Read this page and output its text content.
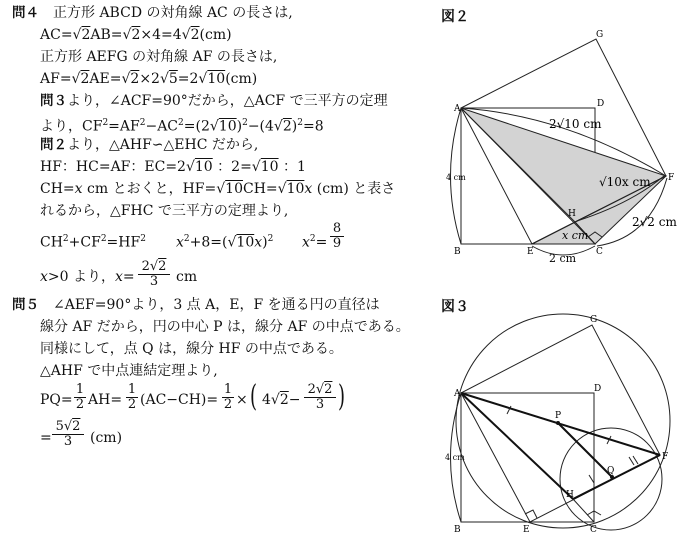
問４　正方形 ABCD の対角線 AC の長さは,
AC=√2AB=√2×4=4√2(cm)
正方形 AEFG の対角線 AF の長さは,
AF=√2AE=√2×2√5=2√10(cm)
問３より，∠ACF=90°だから，△ACF で三平方の定理
より，$CF^2=AF^2-AC^2=(2√10)^2-(4√2)^2=8$
問２より，△AHF∽△EHC だから,
HF：HC=AF：EC=2√10 ：2=√10 ：1
CH=x cm とおくと，HF=√10CH=√10x (cm) と表さ
れるから，△FHC で三平方の定理より,
$CH^2+CF^2=HF^2$ $x^2+8=(√10x)^2$ $x^2=$
8
9
x>0 より，x=
2√2
3	cm
問５　∠AEF=90°より，3 点 A，E，F を通る円の直径は
線分 AF だから，円の中心 P は，線分 AF の中点である。
同様にして，点 Q は，線分 HF の中点である。
△AHF で中点連結定理より,
PQ=
1
2 AH=
1
2 (AC−CH)=
1
2 × ( 4√2−
2√2
3 )
=
5√2
3	(cm)
図２
A
B	C
D
E
F
G
H
4 cm
2√10 cm
√10x cm
2√2 cm
x cm
2 cm
図３
A
B	C
D
E
F
G
H
P
Q
4 cm
